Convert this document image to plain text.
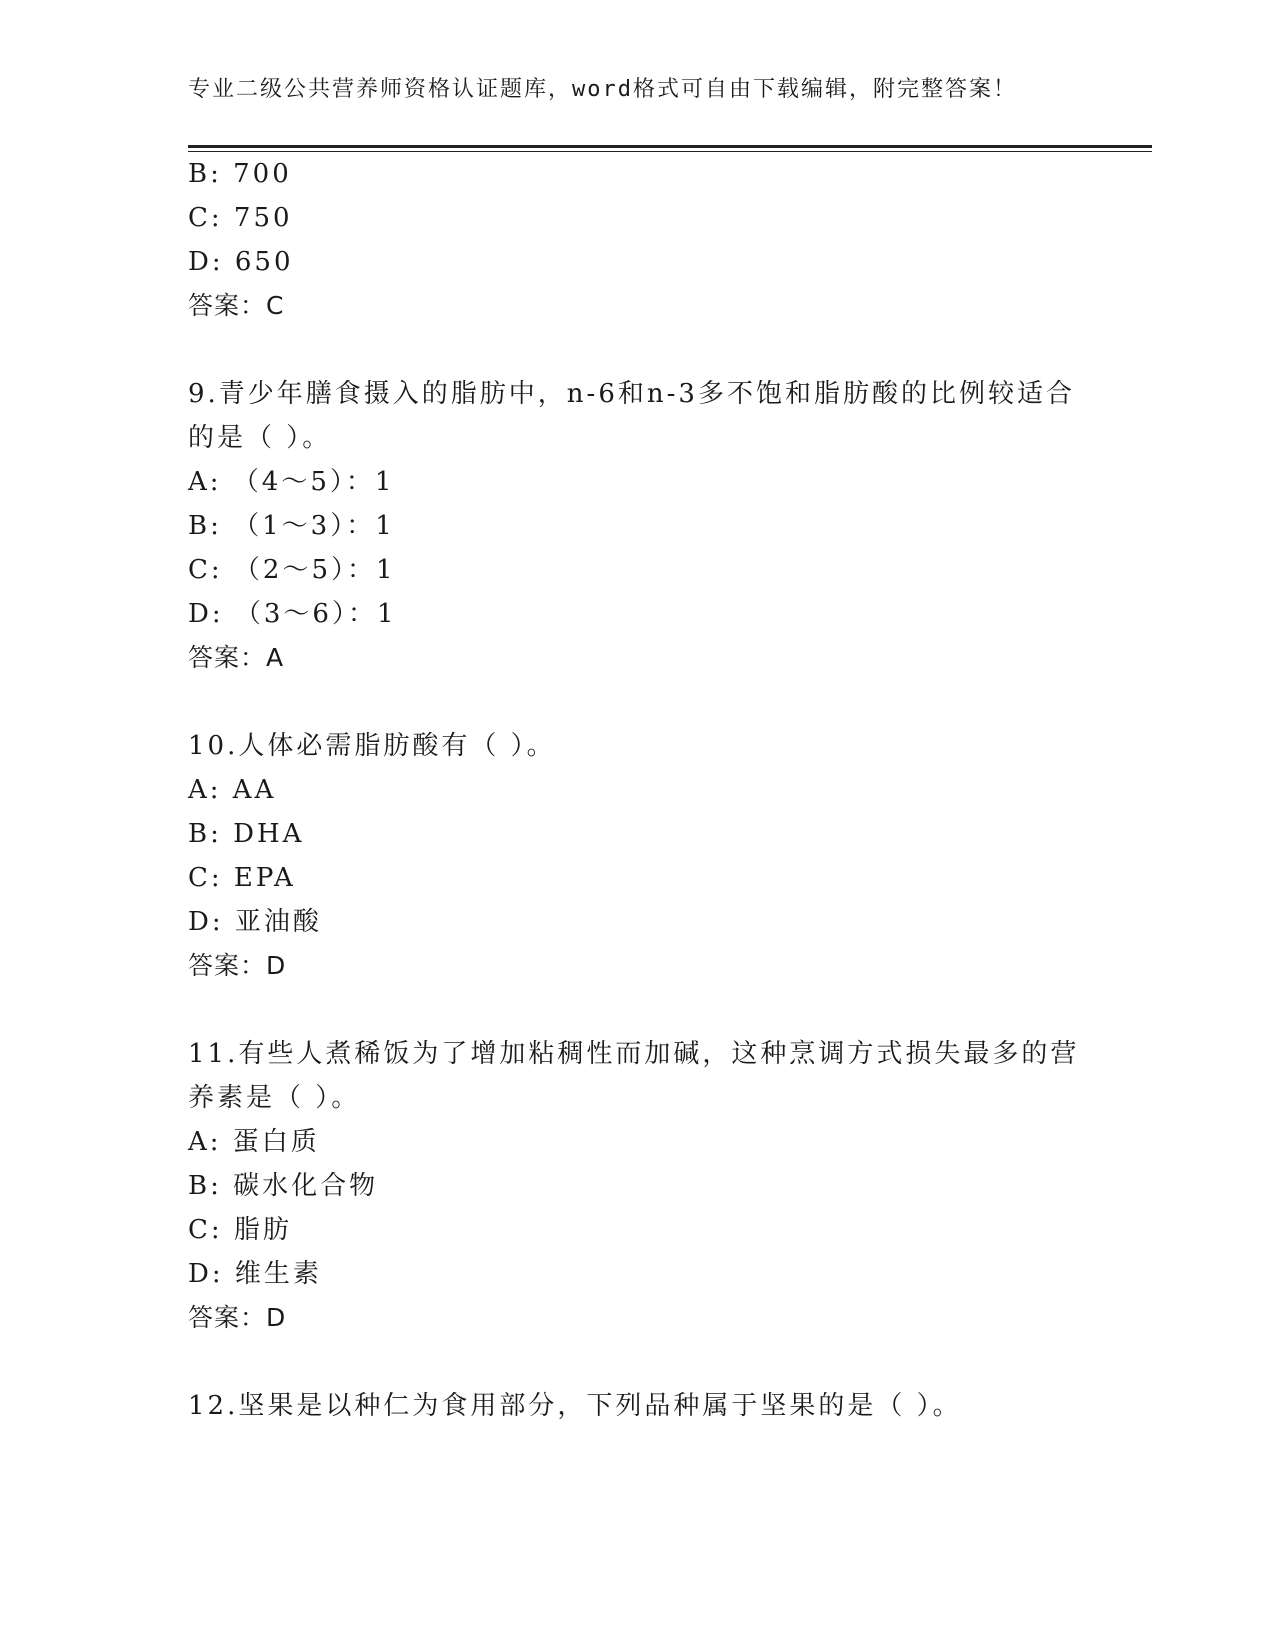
专业二级公共营养师资格认证题库，word格式可自由下载编辑，附完整答案！
B: 700
C: 750
D: 650
答案：C
9.青少年膳食摄入的脂肪中，n-6和n-3多不饱和脂肪酸的比例较适合
的是（ ）。
A: （4～5）：1
B: （1～3）：1
C: （2～5）：1
D: （3～6）：1
答案：A
10.人体必需脂肪酸有（ ）。
A: AA
B: DHA
C: EPA
D: 亚油酸
答案：D
11.有些人煮稀饭为了增加粘稠性而加碱，这种烹调方式损失最多的营
养素是（ ）。
A: 蛋白质
B: 碳水化合物
C: 脂肪
D: 维生素
答案：D
12.坚果是以种仁为食用部分，下列品种属于坚果的是（ ）。
